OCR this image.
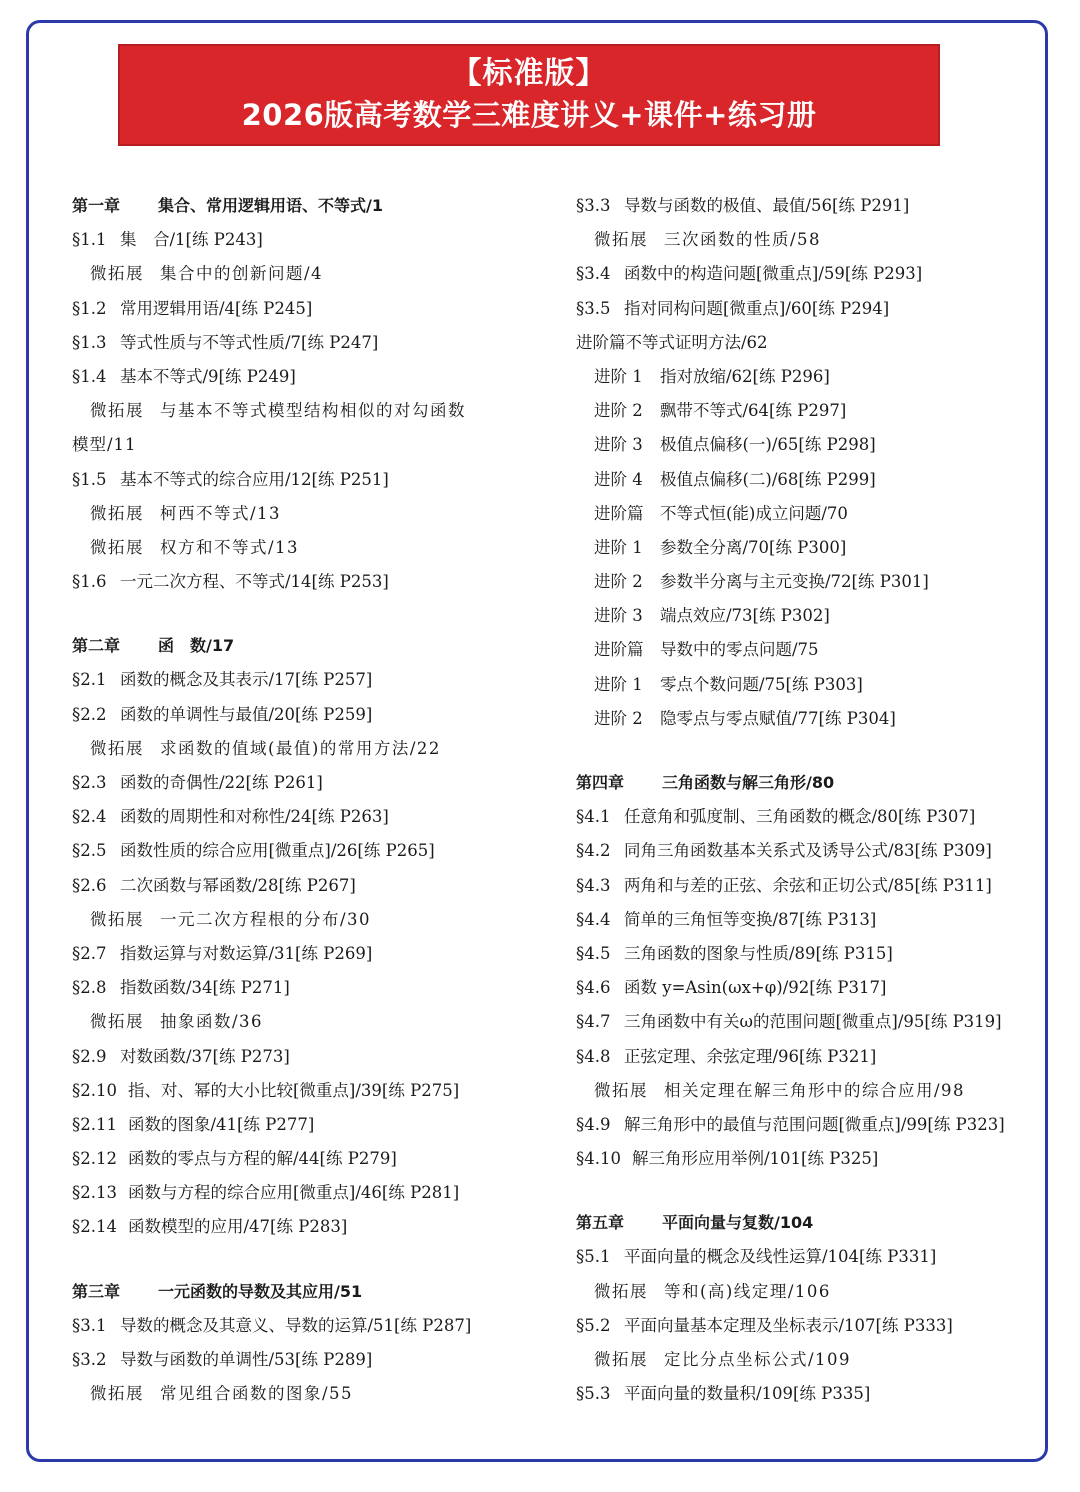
【标准版】
2026版高考数学三难度讲义+课件+练习册
第一章	集合、常用逻辑用语、不等式/1
§1.1 集　合/1[练 P243]
微拓展 集合中的创新问题/4
§1.2 常用逻辑用语/4[练 P245]
§1.3 等式性质与不等式性质/7[练 P247]
§1.4 基本不等式/9[练 P249]
微拓展 与基本不等式模型结构相似的对勾函数
模型/11
§1.5 基本不等式的综合应用/12[练 P251]
微拓展 柯西不等式/13
微拓展 权方和不等式/13
§1.6 一元二次方程、不等式/14[练 P253]
第二章	函　数/17
§2.1 函数的概念及其表示/17[练 P257]
§2.2 函数的单调性与最值/20[练 P259]
微拓展 求函数的值域(最值)的常用方法/22
§2.3 函数的奇偶性/22[练 P261]
§2.4 函数的周期性和对称性/24[练 P263]
§2.5 函数性质的综合应用[微重点]/26[练 P265]
§2.6 二次函数与幂函数/28[练 P267]
微拓展 一元二次方程根的分布/30
§2.7 指数运算与对数运算/31[练 P269]
§2.8 指数函数/34[练 P271]
微拓展 抽象函数/36
§2.9 对数函数/37[练 P273]
§2.10 指、对、幂的大小比较[微重点]/39[练 P275]
§2.11 函数的图象/41[练 P277]
§2.12 函数的零点与方程的解/44[练 P279]
§2.13 函数与方程的综合应用[微重点]/46[练 P281]
§2.14 函数模型的应用/47[练 P283]
第三章	一元函数的导数及其应用/51
§3.1 导数的概念及其意义、导数的运算/51[练 P287]
§3.2 导数与函数的单调性/53[练 P289]
微拓展 常见组合函数的图象/55
§3.3 导数与函数的极值、最值/56[练 P291]
微拓展 三次函数的性质/58
§3.4 函数中的构造问题[微重点]/59[练 P293]
§3.5 指对同构问题[微重点]/60[练 P294]
进阶篇 不等式证明方法/62
进阶 1	指对放缩/62[练 P296]
进阶 2	飘带不等式/64[练 P297]
进阶 3	极值点偏移(一)/65[练 P298]
进阶 4	极值点偏移(二)/68[练 P299]
进阶篇	不等式恒(能)成立问题/70
进阶 1	参数全分离/70[练 P300]
进阶 2	参数半分离与主元变换/72[练 P301]
进阶 3	端点效应/73[练 P302]
进阶篇	导数中的零点问题/75
进阶 1	零点个数问题/75[练 P303]
进阶 2	隐零点与零点赋值/77[练 P304]
第四章	三角函数与解三角形/80
§4.1 任意角和弧度制、三角函数的概念/80[练 P307]
§4.2 同角三角函数基本关系式及诱导公式/83[练 P309]
§4.3 两角和与差的正弦、余弦和正切公式/85[练 P311]
§4.4 简单的三角恒等变换/87[练 P313]
§4.5 三角函数的图象与性质/89[练 P315]
§4.6 函数 y=Asin(ωx+φ)/92[练 P317]
§4.7 三角函数中有关ω的范围问题[微重点]/95[练 P319]
§4.8 正弦定理、余弦定理/96[练 P321]
微拓展 相关定理在解三角形中的综合应用/98
§4.9 解三角形中的最值与范围问题[微重点]/99[练 P323]
§4.10 解三角形应用举例/101[练 P325]
第五章	平面向量与复数/104
§5.1 平面向量的概念及线性运算/104[练 P331]
微拓展 等和(高)线定理/106
§5.2 平面向量基本定理及坐标表示/107[练 P333]
微拓展 定比分点坐标公式/109
§5.3 平面向量的数量积/109[练 P335]
